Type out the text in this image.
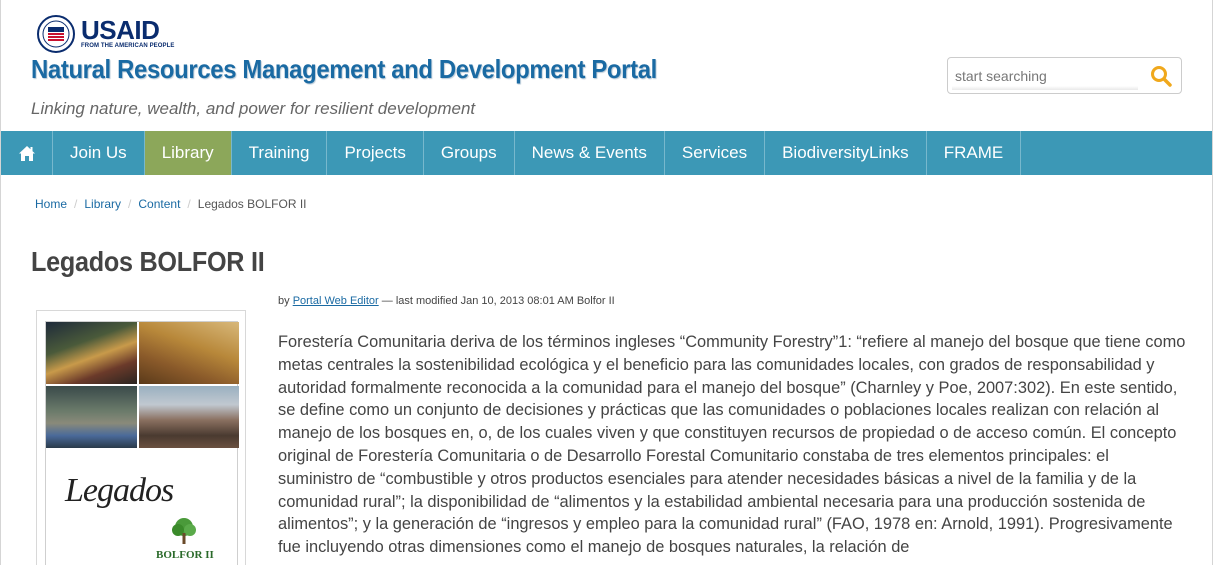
USAID
FROM THE AMERICAN PEOPLE
Natural Resources Management and Development Portal
Linking nature, wealth, and power for resilient development
start searching
Join Us	Library	Training	Projects	Groups	News & Events	Services	BiodiversityLinks	FRAME
Home / Library / Content / Legados BOLFOR II
Legados BOLFOR II
by Portal Web Editor — last modified Jan 10, 2013 08:01 AM Bolfor II
Legados
BOLFOR II
Forestería Comunitaria deriva de los términos ingleses “Community Forestry”1: “refiere al manejo del bosque que tiene como metas centrales la sostenibilidad ecológica y el beneficio para las comunidades locales, con grados de responsabilidad y autoridad formalmente reconocida a la comunidad para el manejo del bosque” (Charnley y Poe, 2007:302). En este sentido, se define como un conjunto de decisiones y prácticas que las comunidades o poblaciones locales realizan con relación al manejo de los bosques en, o, de los cuales viven y que constituyen recursos de propiedad o de acceso común. El concepto original de Forestería Comunitaria o de Desarrollo Forestal Comunitario constaba de tres elementos principales: el suministro de “combustible y otros productos esenciales para atender necesidades básicas a nivel de la familia y de la comunidad rural”; la disponibilidad de “alimentos y la estabilidad ambiental necesaria para una producción sostenida de alimentos”; y la generación de “ingresos y empleo para la comunidad rural” (FAO, 1978 en: Arnold, 1991). Progresivamente fue incluyendo otras dimensiones como el manejo de bosques naturales, la relación de
